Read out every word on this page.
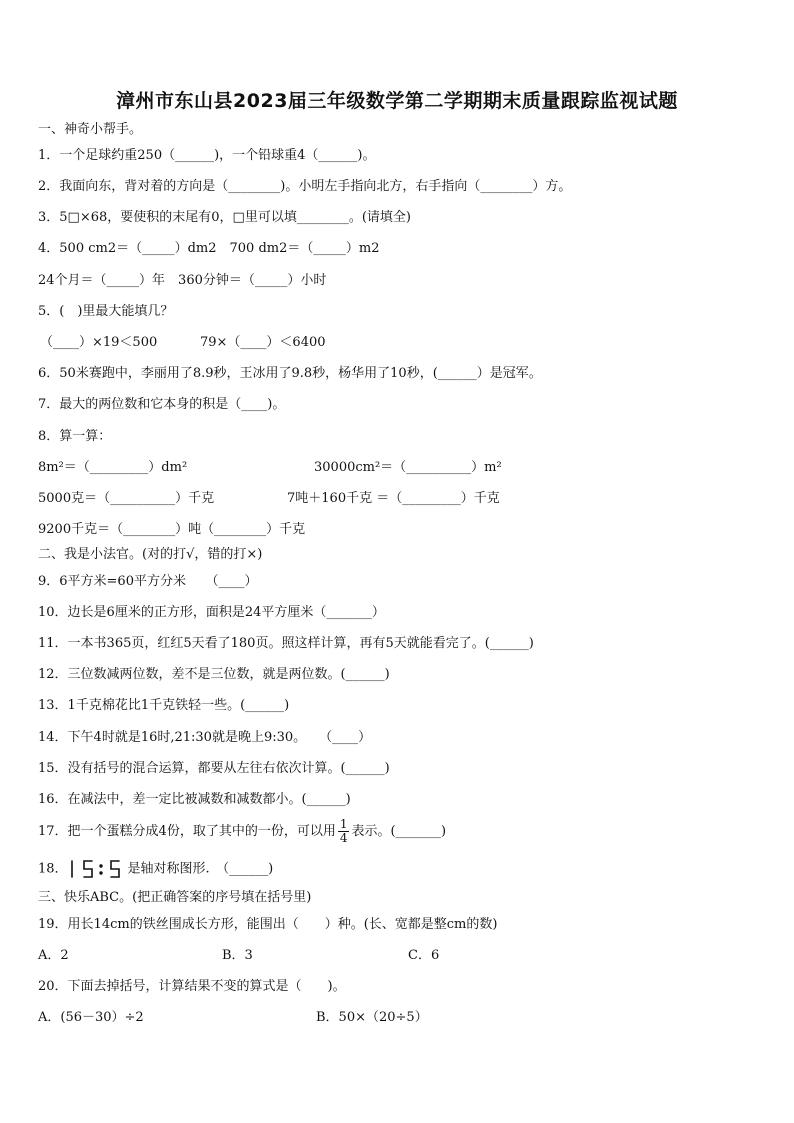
漳州市东山县2023届三年级数学第二学期期末质量跟踪监视试题
一、神奇小帮手。
1．一个足球约重250（______)，一个铅球重4（______)。
2．我面向东，背对着的方向是（________)。小明左手指向北方，右手指向（________）方。
3．5□×68，要使积的末尾有0，□里可以填________。(请填全)
4．500 cm2＝（_____）dm2　700 dm2＝（_____）m2
24个月＝（_____）年　360分钟＝（_____）小时
5．(　)里最大能填几？
（____）×19＜500	79×（____）＜6400
6．50米赛跑中，李丽用了8.9秒，王冰用了9.8秒，杨华用了10秒，(______）是冠军。
7．最大的两位数和它本身的积是（____)。
8．算一算：
8m²＝（_________）dm²	30000cm²＝（__________）m²
5000克＝（__________）千克	7吨＋160千克 ＝（_________）千克
9200千克＝（________）吨（________）千克
二、我是小法官。(对的打√，错的打×)
9．6平方米=60平方分米　　（____）
10．边长是6厘米的正方形，面积是24平方厘米（_______）
11．一本书365页，红红5天看了180页。照这样计算，再有5天就能看完了。(______)
12．三位数减两位数，差不是三位数，就是两位数。(______)
13．1千克棉花比1千克铁轻一些。(______)
14．下午4时就是16时,21:30就是晚上9:30。　　（____）
15．没有括号的混合运算，都要从左往右依次计算。(______)
16．在减法中，差一定比被减数和减数都小。(______)
17．把一个蛋糕分成4份，取了其中的一份，可以用 $\frac{1}{4}$ 表示。(_______)
18．	是轴对称图形.　（______)
三、快乐ABC。(把正确答案的序号填在括号里)
19．用长14cm的铁丝围成长方形，能围出（　　）种。(长、宽都是整cm的数)
A．2	B．3	C．6
20．下面去掉括号，计算结果不变的算式是（　　)。
A．(56－30）÷2	B．50×（20÷5）
